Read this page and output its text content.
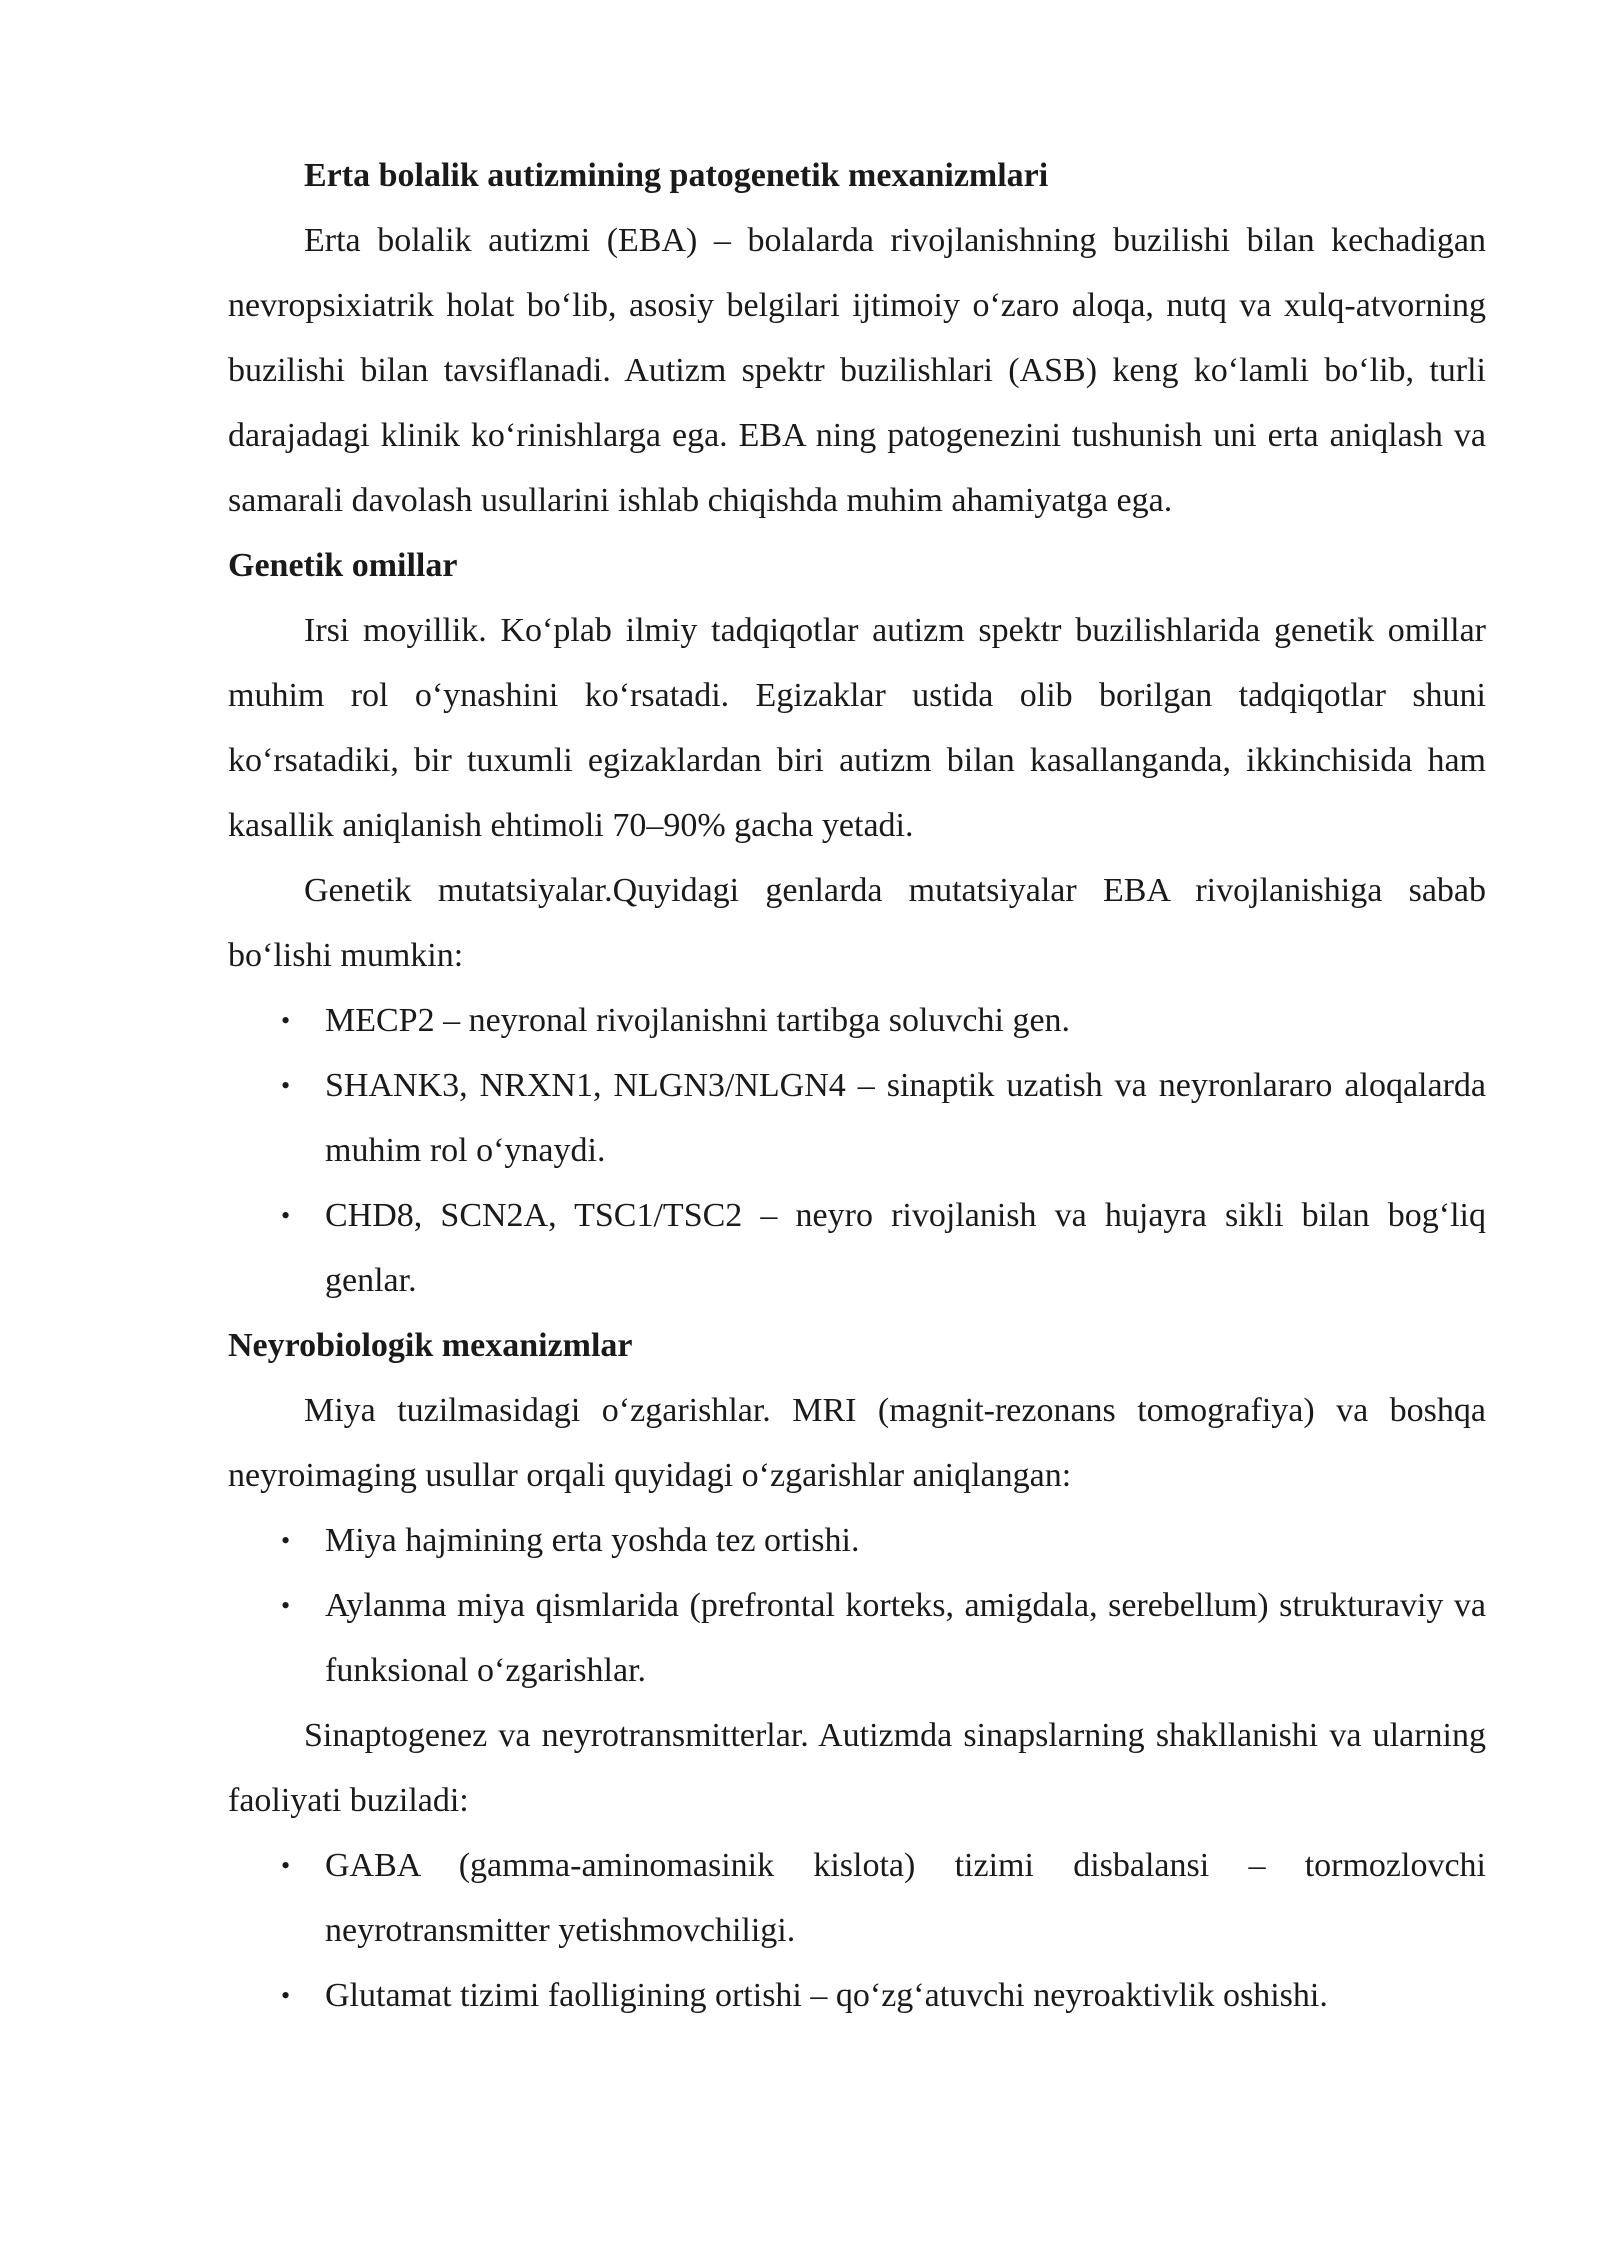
Erta bolalik autizmining patogenetik mexanizmlari

Erta bolalik autizmi (EBA) – bolalarda rivojlanishning buzilishi bilan kechadigan nevropsixiatrik holat bo‘lib, asosiy belgilari ijtimoiy o‘zaro aloqa, nutq va xulq-atvorning buzilishi bilan tavsiflanadi. Autizm spektr buzilishlari (ASB) keng ko‘lamli bo‘lib, turli darajadagi klinik ko‘rinishlarga ega. EBA ning patogenezini tushunish uni erta aniqlash va samarali davolash usullarini ishlab chiqishda muhim ahamiyatga ega.

Genetik omillar

Irsi moyillik. Ko‘plab ilmiy tadqiqotlar autizm spektr buzilishlarida genetik omillar muhim rol o‘ynashini ko‘rsatadi. Egizaklar ustida olib borilgan tadqiqotlar shuni ko‘rsatadiki, bir tuxumli egizaklardan biri autizm bilan kasallanganda, ikkinchisida ham kasallik aniqlanish ehtimoli 70–90% gacha yetadi.

Genetik mutatsiyalar.Quyidagi genlarda mutatsiyalar EBA rivojlanishiga sabab bo‘lishi mumkin:

• MECP2 – neyronal rivojlanishni tartibga soluvchi gen.
• SHANK3, NRXN1, NLGN3/NLGN4 – sinaptik uzatish va neyronlararo aloqalarda muhim rol o‘ynaydi.
• CHD8, SCN2A, TSC1/TSC2 – neyro rivojlanish va hujayra sikli bilan bog‘liq genlar.

Neyrobiologik mexanizmlar

Miya tuzilmasidagi o‘zgarishlar. MRI (magnit-rezonans tomografiya) va boshqa neyroimaging usullar orqali quyidagi o‘zgarishlar aniqlangan:

• Miya hajmining erta yoshda tez ortishi.
• Aylanma miya qismlarida (prefrontal korteks, amigdala, serebellum) strukturaviy va funksional o‘zgarishlar.

Sinaptogenez va neyrotransmitterlar. Autizmda sinapslarning shakllanishi va ularning faoliyati buziladi:

• GABA (gamma-aminomasinik kislota) tizimi disbalansi – tormozlovchi neyrotransmitter yetishmovchiligi.
• Glutamat tizimi faolligining ortishi – qo‘zg‘atuvchi neyroaktivlik oshishi.
